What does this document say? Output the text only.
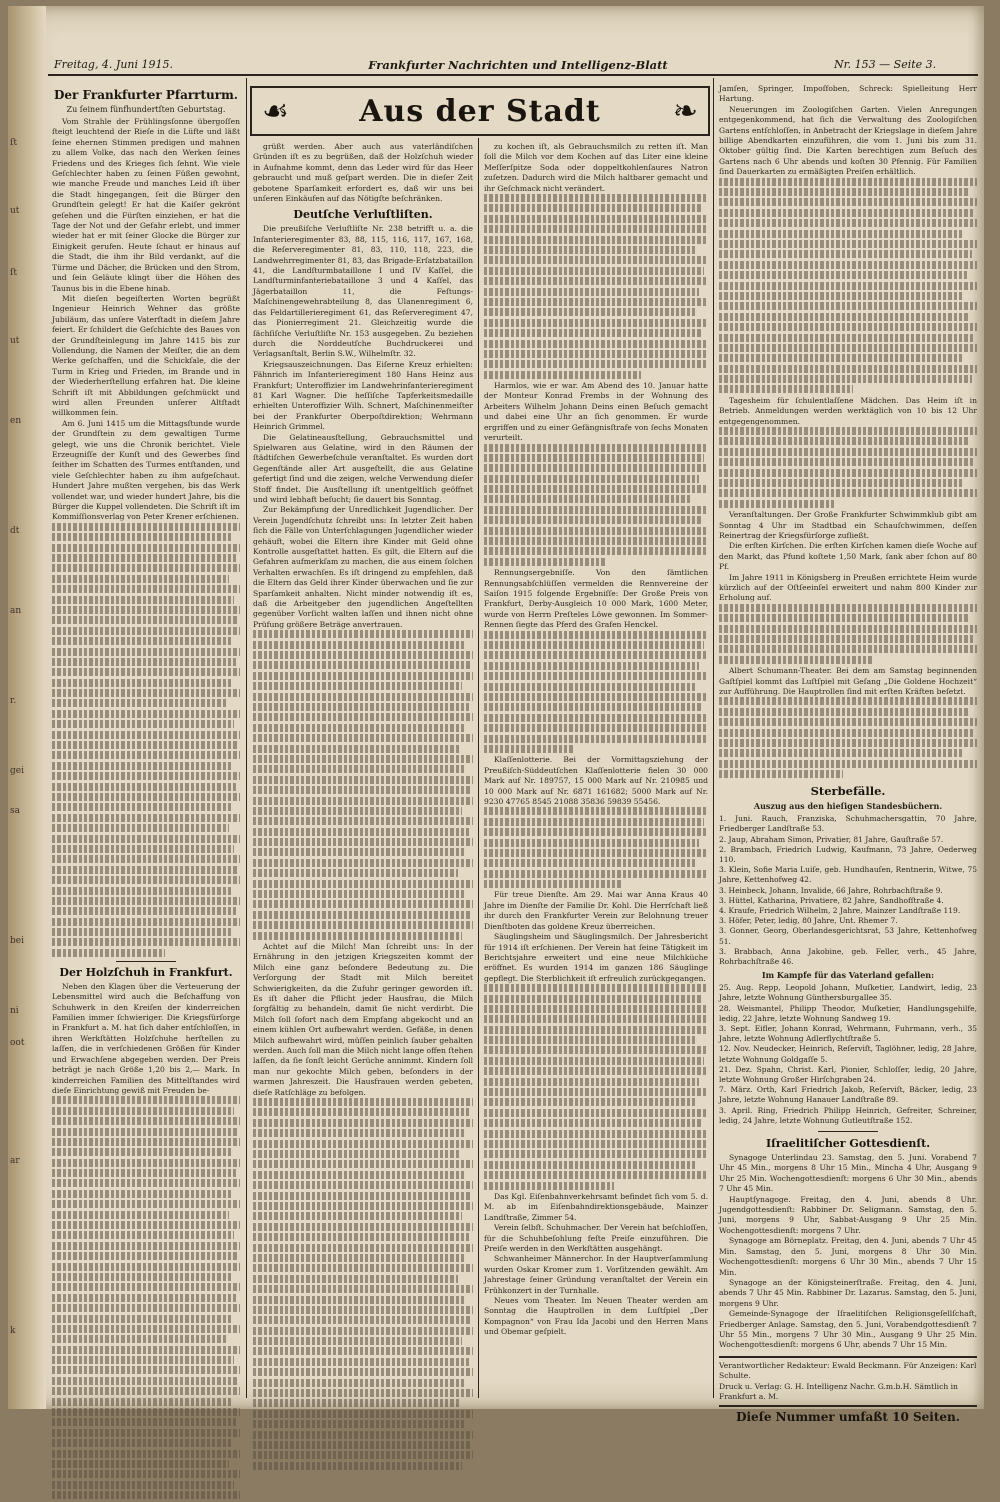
ſt
ut
ſt
ut
en
dt
an
r.
gei
sa
bei
ni
oot
ar
k
Freitag, 4. Juni 1915.	Frankfurter Nachrichten und Intelligenz-Blatt	Nr. 153 — Seite 3.
☙ Aus der Stadt ❧
Der Frankfurter Pfarrturm.
Zu ſeinem fünfhundertſten Geburtstag.

Vom Strahle der Frühlingsſonne übergoſſen ſteigt leuchtend der Rieſe in die Lüfte und läßt ſeine ehernen Stimmen predigen und mahnen zu allem Volke, das nach den Werken ſeines Friedens und des Krieges ſich ſehnt. Wie viele Geſchlechter haben zu ſeinen Füßen gewohnt, wie manche Freude und manches Leid iſt über die Stadt hingegangen, ſeit die Bürger den Grundſtein gelegt! Er hat die Kaiſer gekrönt geſehen und die Fürſten einziehen, er hat die Tage der Not und der Gefahr erlebt, und immer wieder hat er mit ſeiner Glocke die Bürger zur Einigkeit gerufen. Heute ſchaut er hinaus auf die Stadt, die ihm ihr Bild verdankt, auf die Türme und Dächer, die Brücken und den Strom, und ſein Geläute klingt über die Höhen des Taunus bis in die Ebene hinab.

Mit dieſen begeiſterten Worten begrüßt Ingenieur Heinrich Wehner das größte Jubiläum, das unſere Vaterſtadt in dieſem Jahre feiert. Er ſchildert die Geſchichte des Baues von der Grundſteinlegung im Jahre 1415 bis zur Vollendung, die Namen der Meiſter, die an dem Werke geſchaffen, und die Schickſale, die der Turm in Krieg und Frieden, im Brande und in der Wiederherſtellung erfahren hat. Die kleine Schrift iſt mit Abbildungen geſchmückt und wird allen Freunden unſerer Altſtadt willkommen ſein.

Am 6. Juni 1415 um die Mittagsſtunde wurde der Grundſtein zu dem gewaltigen Turme gelegt, wie uns die Chronik berichtet. Viele Erzeugniſſe der Kunſt und des Gewerbes ſind ſeither im Schatten des Turmes entſtanden, und viele Geſchlechter haben zu ihm aufgeſchaut. Hundert Jahre mußten vergehen, bis das Werk vollendet war, und wieder hundert Jahre, bis die Bürger die Kuppel vollendeten. Die Schrift iſt im Kommiſſionsverlag von Peter Krener erſchienen.

Der Holzſchuh in Frankfurt.

Neben den Klagen über die Verteuerung der Lebensmittel wird auch die Beſchaffung von Schuhwerk in den Kreiſen der kinderreichen Familien immer ſchwieriger. Die Kriegsfürſorge in Frankfurt a. M. hat ſich daher entſchloſſen, in ihren Werkſtätten Holzſchuhe herſtellen zu laſſen, die in verſchiedenen Größen für Kinder und Erwachſene abgegeben werden. Der Preis beträgt je nach Größe 1,20 bis 2,— Mark. In kinderreichen Familien des Mittelſtandes wird dieſe Einrichtung gewiß mit Freuden be-

grüßt werden. Aber auch aus vaterländiſchen Gründen iſt es zu begrüßen, daß der Holzſchuh wieder in Aufnahme kommt, denn das Leder wird für das Heer gebraucht und muß geſpart werden. Die in dieſer Zeit gebotene Sparſamkeit erfordert es, daß wir uns bei unſeren Einkäufen auf das Nötigſte beſchränken.

Deutſche Verluſtliſten.

Die preußiſche Verluſtliſte Nr. 238 betrifft u. a. die Infanterieregimenter 83, 88, 115, 116, 117, 167, 168, die Reſerveregimenter 81, 83, 110, 118, 223, die Landwehrregimenter 81, 83, das Brigade-Erſatzbataillon 41, die Landſturmbataillone I und IV Kaſſel, die Landſturminfanteriebataillone 3 und 4 Kaſſel, das Jägerbataillon 11, die Feſtungs-Maſchinengewehrabteilung 8, das Ulanenregiment 6, das Feldartillerieregiment 61, das Reſerveregiment 47, das Pionierregiment 21. Gleichzeitig wurde die ſächſiſche Verluſtliſte Nr. 153 ausgegeben. Zu beziehen durch die Norddeutſche Buchdruckerei und Verlagsanſtalt, Berlin S.W., Wilhelmſtr. 32.

Kriegsauszeichnungen. Das Eiſerne Kreuz erhielten: Fähnrich im Infanterieregiment 180 Hans Heinz aus Frankfurt; Unteroffizier im Landwehrinfanterieregiment 81 Karl Wagner. Die heſſiſche Tapferkeitsmedaille erhielten Unteroffizier Wilh. Schnert, Maſchinenmeiſter bei der Frankfurter Oberpoſtdirektion; Wehrmann Heinrich Grimmel.

Die Gelatineausſtellung, Gebrauchsmittel und Spielwaren aus Gelatine, wird in den Räumen der ſtädtiſchen Gewerbeſchule veranſtaltet. Es wurden dort Gegenſtände aller Art ausgeſtellt, die aus Gelatine gefertigt ſind und die zeigen, welche Verwendung dieſer Stoff findet. Die Ausſtellung iſt unentgeltlich geöffnet und wird lebhaft beſucht; ſie dauert bis Sonntag.

Zur Bekämpfung der Unredlichkeit Jugendlicher. Der Verein Jugendſchutz ſchreibt uns: In letzter Zeit haben ſich die Fälle von Unterſchlagungen Jugendlicher wieder gehäuft, wobei die Eltern ihre Kinder mit Geld ohne Kontrolle ausgeſtattet hatten. Es gilt, die Eltern auf die Gefahren aufmerkſam zu machen, die aus einem ſolchen Verhalten erwachſen. Es iſt dringend zu empfehlen, daß die Eltern das Geld ihrer Kinder überwachen und ſie zur Sparſamkeit anhalten. Nicht minder notwendig iſt es, daß die Arbeitgeber den jugendlichen Angeſtellten gegenüber Vorſicht walten laſſen und ihnen nicht ohne Prüfung größere Beträge anvertrauen.

Achtet auf die Milch! Man ſchreibt uns: In der Ernährung in den jetzigen Kriegszeiten kommt der Milch eine ganz beſondere Bedeutung zu. Die Verſorgung der Stadt mit Milch bereitet Schwierigkeiten, da die Zufuhr geringer geworden iſt. Es iſt daher die Pflicht jeder Hausfrau, die Milch ſorgfältig zu behandeln, damit ſie nicht verdirbt. Die Milch ſoll ſofort nach dem Empfang abgekocht und an einem kühlen Ort aufbewahrt werden. Gefäße, in denen Milch aufbewahrt wird, müſſen peinlich ſauber gehalten werden. Auch ſoll man die Milch nicht lange offen ſtehen laſſen, da ſie ſonſt leicht Gerüche annimmt. Kindern ſoll man nur gekochte Milch geben, beſonders in der warmen Jahreszeit. Die Hausfrauen werden gebeten, dieſe Ratſchläge zu befolgen.

zu kochen iſt, als Gebrauchsmilch zu retten iſt. Man ſoll die Milch vor dem Kochen auf das Liter eine kleine Meſſerſpitze Soda oder doppeltkohlenſaures Natron zuſetzen. Dadurch wird die Milch haltbarer gemacht und ihr Geſchmack nicht verändert.

Harmlos, wie er war. Am Abend des 10. Januar hatte der Monteur Konrad Frembs in der Wohnung des Arbeiters Wilhelm Johann Deins einen Beſuch gemacht und dabei eine Uhr an ſich genommen. Er wurde ergriffen und zu einer Gefängnisſtrafe von ſechs Monaten verurteilt.

Rennungsergebniſſe. Von den ſämtlichen Rennungsabſchlüſſen vermelden die Rennvereine der Saiſon 1915 folgende Ergebniſſe: Der Große Preis von Frankfurt, Derby-Ausgleich 10 000 Mark, 1600 Meter, wurde von Herrn Preſteles Löwe gewonnen. Im Sommer-Rennen ſiegte das Pferd des Grafen Henckel.

Klaſſenlotterie. Bei der Vormittagsziehung der Preußiſch-Süddeutſchen Klaſſenlotterie fielen 30 000 Mark auf Nr. 189757, 15 000 Mark auf Nr. 210985 und 10 000 Mark auf Nr. 6871 161682; 5000 Mark auf Nr. 9230 47765 8545 21088 35836 59839 55456.

Für treue Dienſte. Am 29. Mai war Anna Kraus 40 Jahre im Dienſte der Familie Dr. Kohl. Die Herrſchaft ließ ihr durch den Frankfurter Verein zur Belohnung treuer Dienſtboten das goldene Kreuz überreichen.

Säuglingsheim und Säuglingsmilch. Der Jahresbericht für 1914 iſt erſchienen. Der Verein hat ſeine Tätigkeit im Berichtsjahre erweitert und eine neue Milchküche eröffnet. Es wurden 1914 im ganzen 186 Säuglinge gepflegt. Die Sterblichkeit iſt erfreulich zurückgegangen.

Das Kgl. Eiſenbahnverkehrsamt befindet ſich vom 5. d. M. ab im Eiſenbahndirektionsgebäude, Mainzer Landſtraße, Zimmer 54.

Verein ſelbſt. Schuhmacher. Der Verein hat beſchloſſen, für die Schuhbeſohlung feſte Preiſe einzuführen. Die Preiſe werden in den Werkſtätten ausgehängt.

Schwanheimer Männerchor. In der Hauptverſammlung wurden Oskar Kromer zum 1. Vorſitzenden gewählt. Am Jahrestage ſeiner Gründung veranſtaltet der Verein ein Frühkonzert in der Turnhalle.

Neues vom Theater. Im Neuen Theater werden am Sonntag die Hauptrollen in dem Luſtſpiel „Der Kompagnon“ von Frau Ida Jacobi und den Herren Mans und Obemar geſpielt.

Jamſen, Springer, Impoſfoben, Schreck: Spielleitung Herr Hartung.

Neuerungen im Zoologiſchen Garten. Vielen Anregungen entgegenkommend, hat ſich die Verwaltung des Zoologiſchen Gartens entſchloſſen, in Anbetracht der Kriegslage in dieſem Jahre billige Abendkarten einzuführen, die vom 1. Juni bis zum 31. Oktober gültig ſind. Die Karten berechtigen zum Beſuch des Gartens nach 6 Uhr abends und koſten 30 Pfennig. Für Familien ſind Dauerkarten zu ermäßigten Preiſen erhältlich.

Tagesheim für ſchulentlaſſene Mädchen. Das Heim iſt in Betrieb. Anmeldungen werden werktäglich von 10 bis 12 Uhr entgegengenommen.

Veranſtaltungen. Der Große Frankfurter Schwimmklub gibt am Sonntag 4 Uhr im Stadtbad ein Schauſchwimmen, deſſen Reinertrag der Kriegsfürſorge zufließt.

Die erſten Kirſchen. Die erſten Kirſchen kamen dieſe Woche auf den Markt, das Pfund koſtete 1,50 Mark, ſank aber ſchon auf 80 Pf.

Im Jahre 1911 in Königsberg in Preußen errichtete Heim wurde kürzlich auf der Oſtſeeinſel erweitert und nahm 800 Kinder zur Erholung auf.

Albert Schumann-Theater. Bei dem am Samstag beginnenden Gaſtſpiel kommt das Luſtſpiel mit Geſang „Die Goldene Hochzeit“ zur Aufführung. Die Hauptrollen ſind mit erſten Kräften beſetzt.

Sterbefälle.
Auszug aus den hieſigen Standesbüchern.

1. Juni. Rauch, Franziska, Schuhmachersgattin, 70 Jahre, Friedberger Landſtraße 53.

2. Jaup, Abraham Simon, Privatier, 81 Jahre, Gauſtraße 57.

2. Brambach, Friedrich Ludwig, Kaufmann, 73 Jahre, Oederweg 110.

3. Klein, Sofie Maria Luiſe, geb. Hundhauſen, Rentnerin, Witwe, 75 Jahre, Kettenhofweg 42.

3. Heinbeck, Johann, Invalide, 66 Jahre, Rohrbachſtraße 9.

3. Hüttel, Katharina, Privatiere, 82 Jahre, Sandhofſtraße 4.

4. Kraufe, Friedrich Wilhelm, 2 Jahre, Mainzer Landſtraße 119.

3. Höfer, Peter, ledig, 80 Jahre, Unt. Rhemer 7.

3. Gonner, Georg, Oberlandesgerichtsrat, 53 Jahre, Kettenhofweg 51.

3. Brabbach, Anna Jakobine, geb. Feller, verh., 45 Jahre, Rohrbachſtraße 46.

Im Kampfe für das Vaterland gefallen:

25. Aug. Repp, Leopold Johann, Muſketier, Landwirt, ledig, 23 Jahre, letzte Wohnung Günthersburgallee 35.

28. Weismantel, Philipp Theodor, Muſketier, Handlungsgehilfe, ledig, 22 Jahre, letzte Wohnung Sandweg 19.

3. Sept. Eifler, Johann Konrad, Wehrmann, Fuhrmann, verh., 35 Jahre, letzte Wohnung Adlerflychtſtraße 5.

12. Nov. Neudecker, Heinrich, Reſerviſt, Taglöhner, ledig, 28 Jahre, letzte Wohnung Goldgaſſe 5.

21. Dez. Spahn, Christ. Karl, Pionier, Schloſſer, ledig, 20 Jahre, letzte Wohnung Großer Hirſchgraben 24.

7. März. Orth, Karl Friedrich Jakob, Reſerviſt, Bäcker, ledig, 23 Jahre, letzte Wohnung Hanauer Landſtraße 89.

3. April. Ring, Friedrich Philipp Heinrich, Gefreiter, Schreiner, ledig, 24 Jahre, letzte Wohnung Gutleutſtraße 152.

Iſraelitiſcher Gottesdienſt.

Synagoge Unterlindau 23. Samstag, den 5. Juni. Vorabend 7 Uhr 45 Min., morgens 8 Uhr 15 Min., Mincha 4 Uhr, Ausgang 9 Uhr 25 Min. Wochengottesdienſt: morgens 6 Uhr 30 Min., abends 7 Uhr 45 Min.

Hauptſynagoge. Freitag, den 4. Juni, abends 8 Uhr. Jugendgottesdienſt: Rabbiner Dr. Seligmann. Samstag, den 5. Juni, morgens 9 Uhr, Sabbat-Ausgang 9 Uhr 25 Min. Wochengottesdienſt: morgens 7 Uhr.

Synagoge am Börneplatz. Freitag, den 4. Juni, abends 7 Uhr 45 Min. Samstag, den 5. Juni, morgens 8 Uhr 30 Min. Wochengottesdienſt: morgens 6 Uhr 30 Min., abends 7 Uhr 15 Min.

Synagoge an der Königsteinerſtraße. Freitag, den 4. Juni, abends 7 Uhr 45 Min. Rabbiner Dr. Lazarus. Samstag, den 5. Juni, morgens 9 Uhr.

Gemeinde-Synagoge der Iſraelitiſchen Religionsgeſellſchaft, Friedberger Anlage. Samstag, den 5. Juni, Vorabendgottesdienſt 7 Uhr 55 Min., morgens 7 Uhr 30 Min., Ausgang 9 Uhr 25 Min. Wochengottesdienſt: morgens 6 Uhr, abends 7 Uhr 15 Min.

Verantwortlicher Redakteur: Ewald Beckmann. Für Anzeigen: Karl Schulte.

Druck u. Verlag: G. H. Intelligenz Nachr. G.m.b.H. Sämtlich in Frankfurt a. M.

Dieſe Nummer umfaßt 10 Seiten.
